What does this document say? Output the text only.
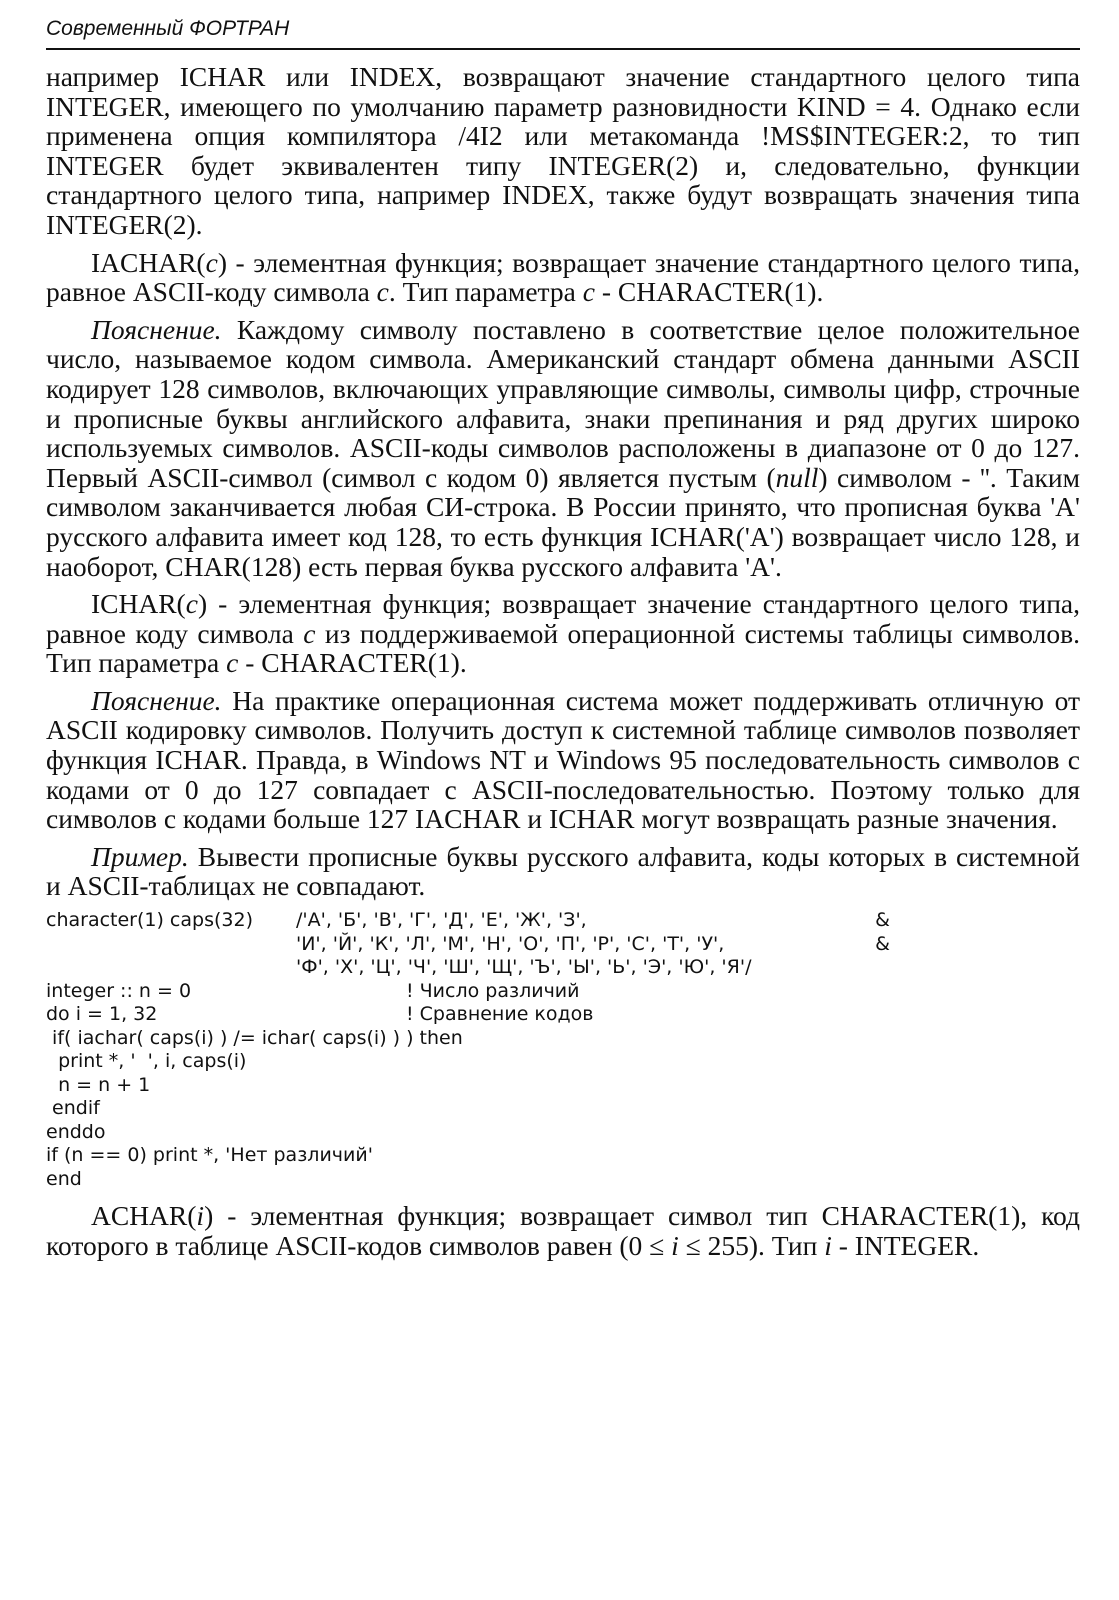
Современный ФОРТРАН

например ICHAR или INDEX, возвращают значение стандартного целого типа INTEGER, имеющего по умолчанию параметр разновидности KIND = 4. Однако если применена опция компилятора /4I2 или метакоманда !MS$INTEGER:2, то тип INTEGER будет эквивалентен типу INTEGER(2) и, следовательно, функции стандартного целого типа, например INDEX, также будут возвращать значения типа INTEGER(2).

IACHAR(c) - элементная функция; возвращает значение стандартного целого типа, равное ASCII-коду символа c. Тип параметра c - CHARACTER(1).

Пояснение. Каждому символу поставлено в соответствие целое положительное число, называемое кодом символа. Американский стандарт обмена данными ASCII кодирует 128 символов, включающих управляющие символы, символы цифр, строчные и прописные буквы английского алфавита, знаки препинания и ряд других широко используемых символов. ASCII-коды символов расположены в диапазоне от 0 до 127. Первый ASCII-символ (символ с кодом 0) является пустым (null) символом - ''. Таким символом заканчивается любая СИ-строка. В России принято, что прописная буква 'А' русского алфавита имеет код 128, то есть функция ICHAR('А') возвращает число 128, и наоборот, CHAR(128) есть первая буква русского алфавита 'А'.

ICHAR(c) - элементная функция; возвращает значение стандартного целого типа, равное коду символа c из поддерживаемой операционной системы таблицы символов. Тип параметра c - CHARACTER(1).

Пояснение. На практике операционная система может поддерживать отличную от ASCII кодировку символов. Получить доступ к системной таблице символов позволяет функция ICHAR. Правда, в Windows NT и Windows 95 последовательность символов с кодами от 0 до 127 совпадает с ASCII-последовательностью. Поэтому только для символов с кодами больше 127 IACHAR и ICHAR могут возвращать разные значения.

Пример. Вывести прописные буквы русского алфавита, коды которых в системной и ASCII-таблицах не совпадают.

character(1) caps(32)	/'А', 'Б', 'В', 'Г', 'Д', 'Е', 'Ж', 'З',	&
'И', 'Й', 'К', 'Л', 'М', 'Н', 'О', 'П', 'Р', 'С', 'Т', 'У',	&
'Ф', 'Х', 'Ц', 'Ч', 'Ш', 'Щ', 'Ъ', 'Ы', 'Ь', 'Э', 'Ю', 'Я'/
integer :: n = 0	! Число различий
do i = 1, 32	! Сравнение кодов
if( iachar( caps(i) ) /= ichar( caps(i) ) ) then
print *, '  ', i, caps(i)
n = n + 1
endif
enddo
if (n == 0) print *, 'Нет различий'
end

ACHAR(i) - элементная функция; возвращает символ тип CHARACTER(1), код которого в таблице ASCII-кодов символов равен (0 ≤ i ≤ 255). Тип i - INTEGER.
